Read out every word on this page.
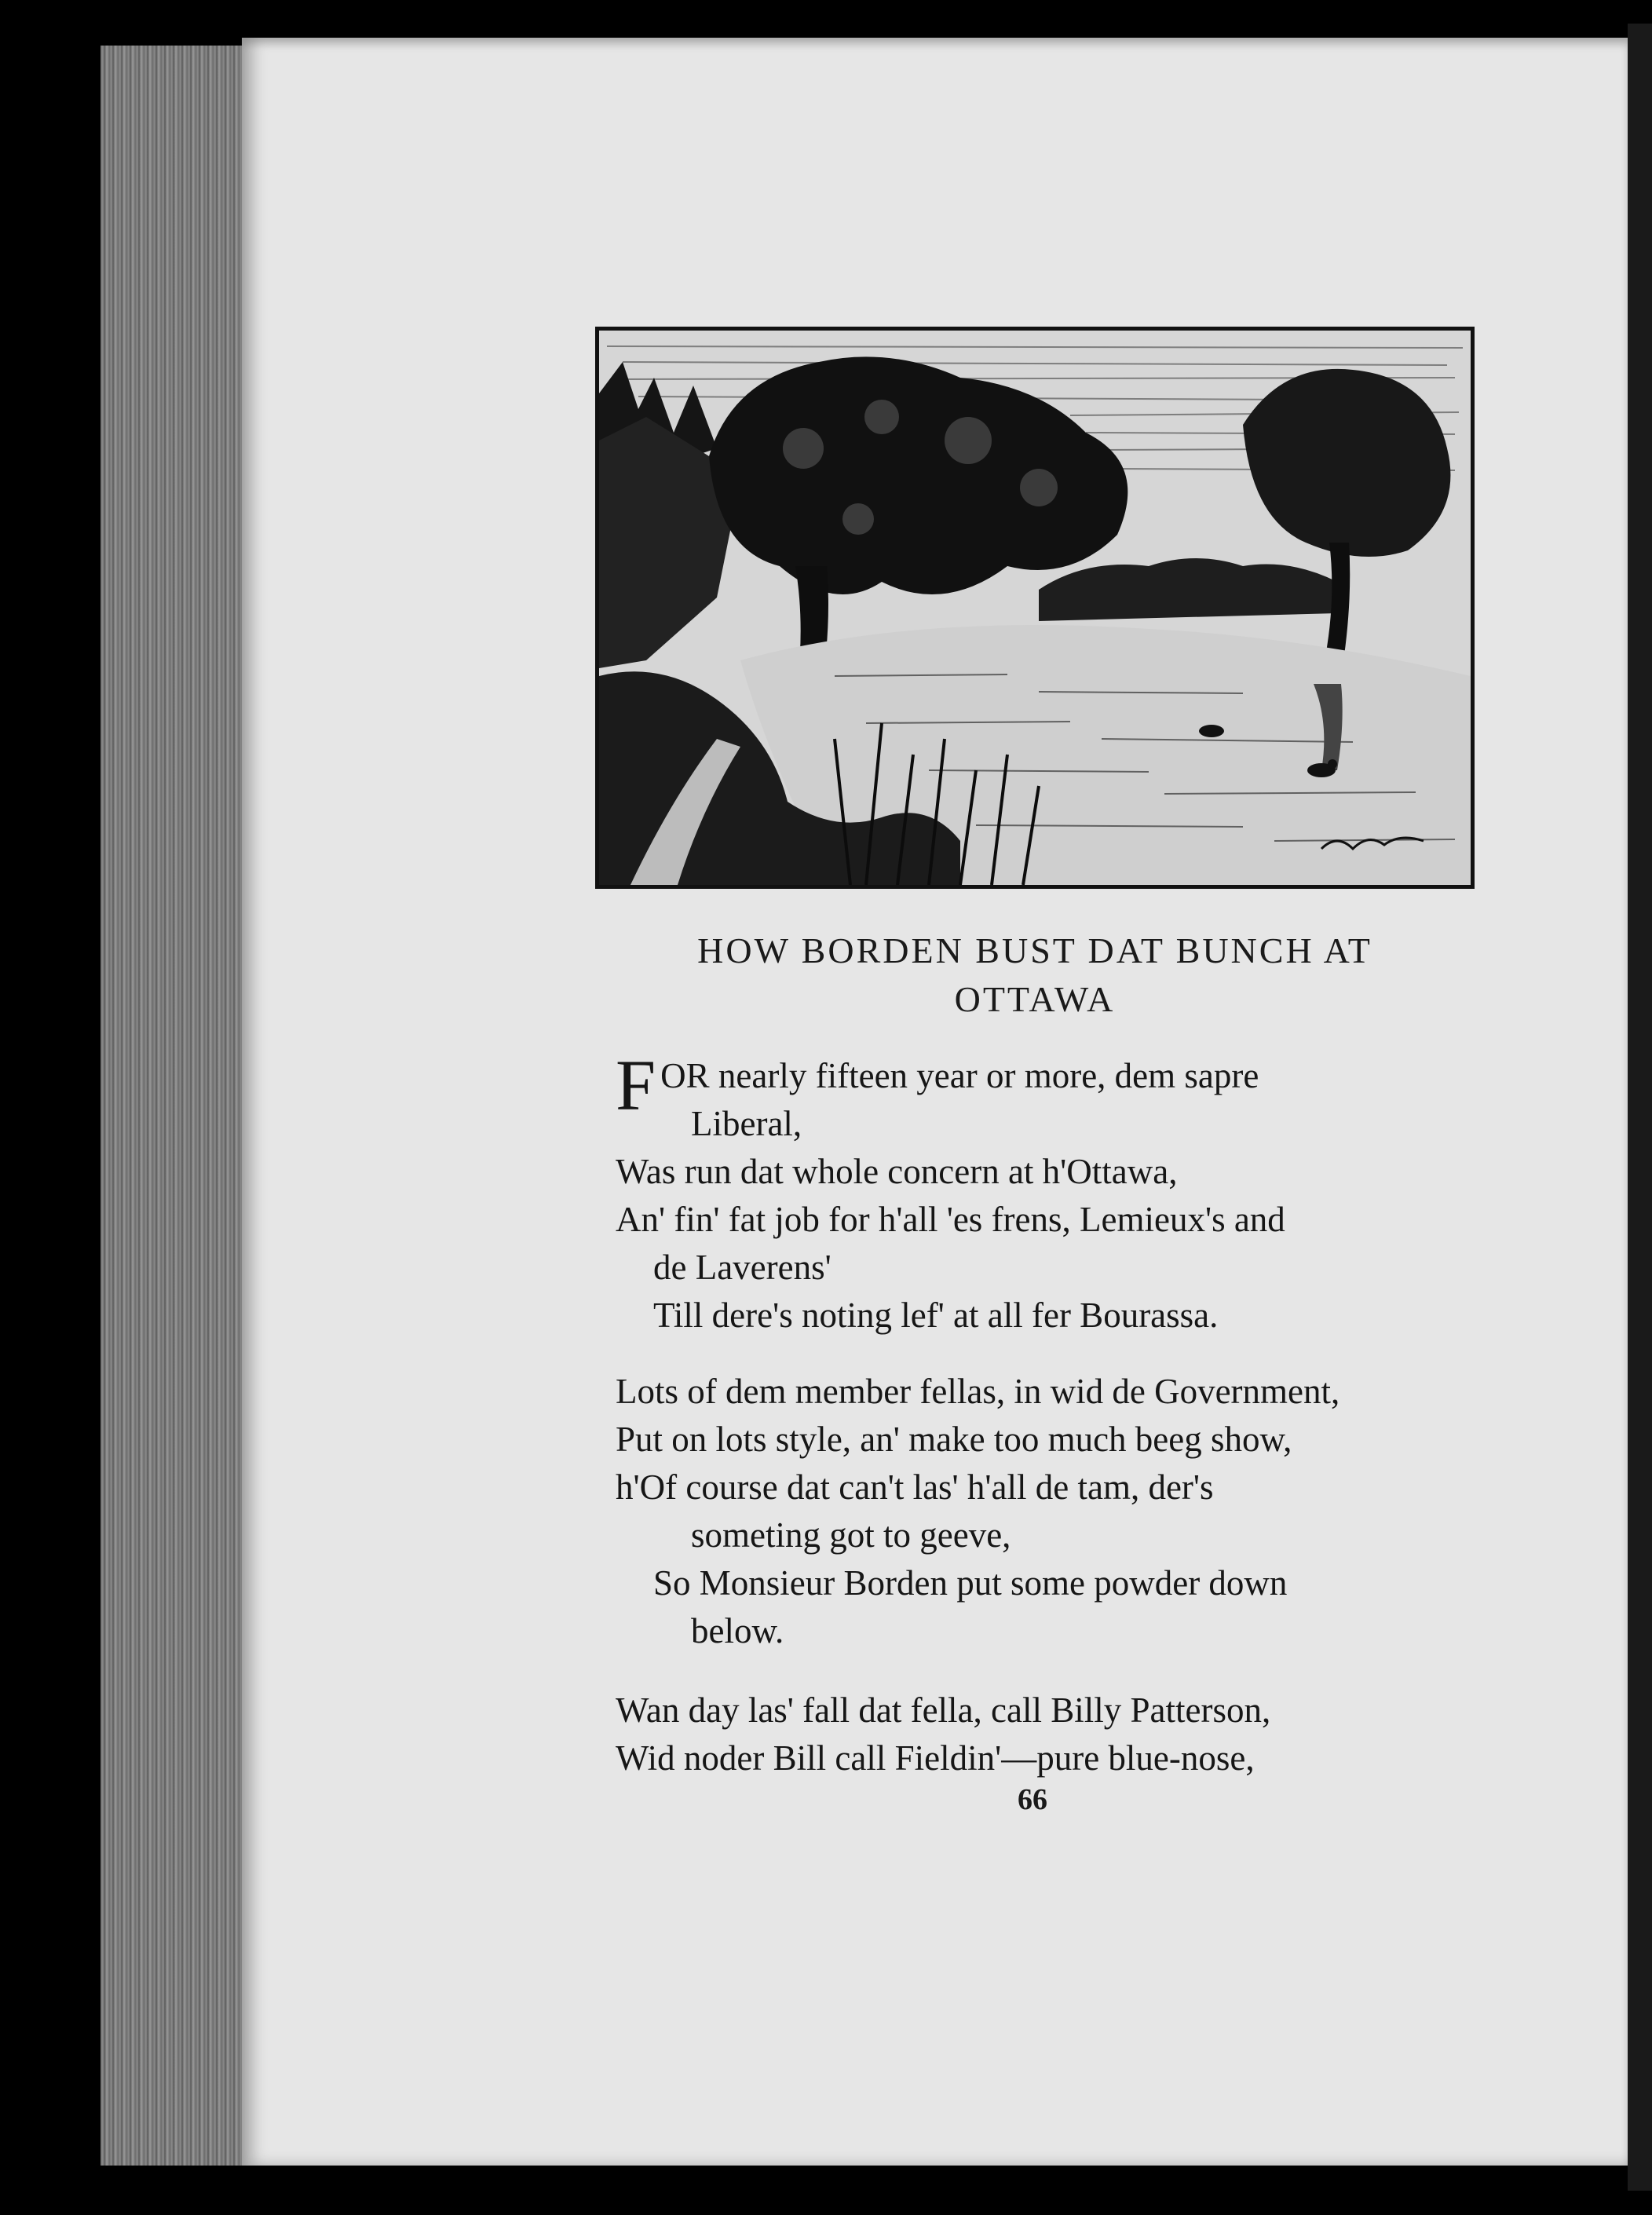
HOW BORDEN BUST DAT BUNCH AT
OTTAWA
F OR nearly fifteen year or more, dem sapre
Liberal,
Was run dat whole concern at h'Ottawa,
An' fin' fat job for h'all 'es frens, Lemieux's and
de Laverens'
Till dere's noting lef' at all fer Bourassa.
Lots of dem member fellas, in wid de Government,
Put on lots style, an' make too much beeg show,
h'Of course dat can't las' h'all de tam, der's
someting got to geeve,
So Monsieur Borden put some powder down
below.
Wan day las' fall dat fella, call Billy Patterson,
Wid noder Bill call Fieldin'—pure blue-nose,
66
